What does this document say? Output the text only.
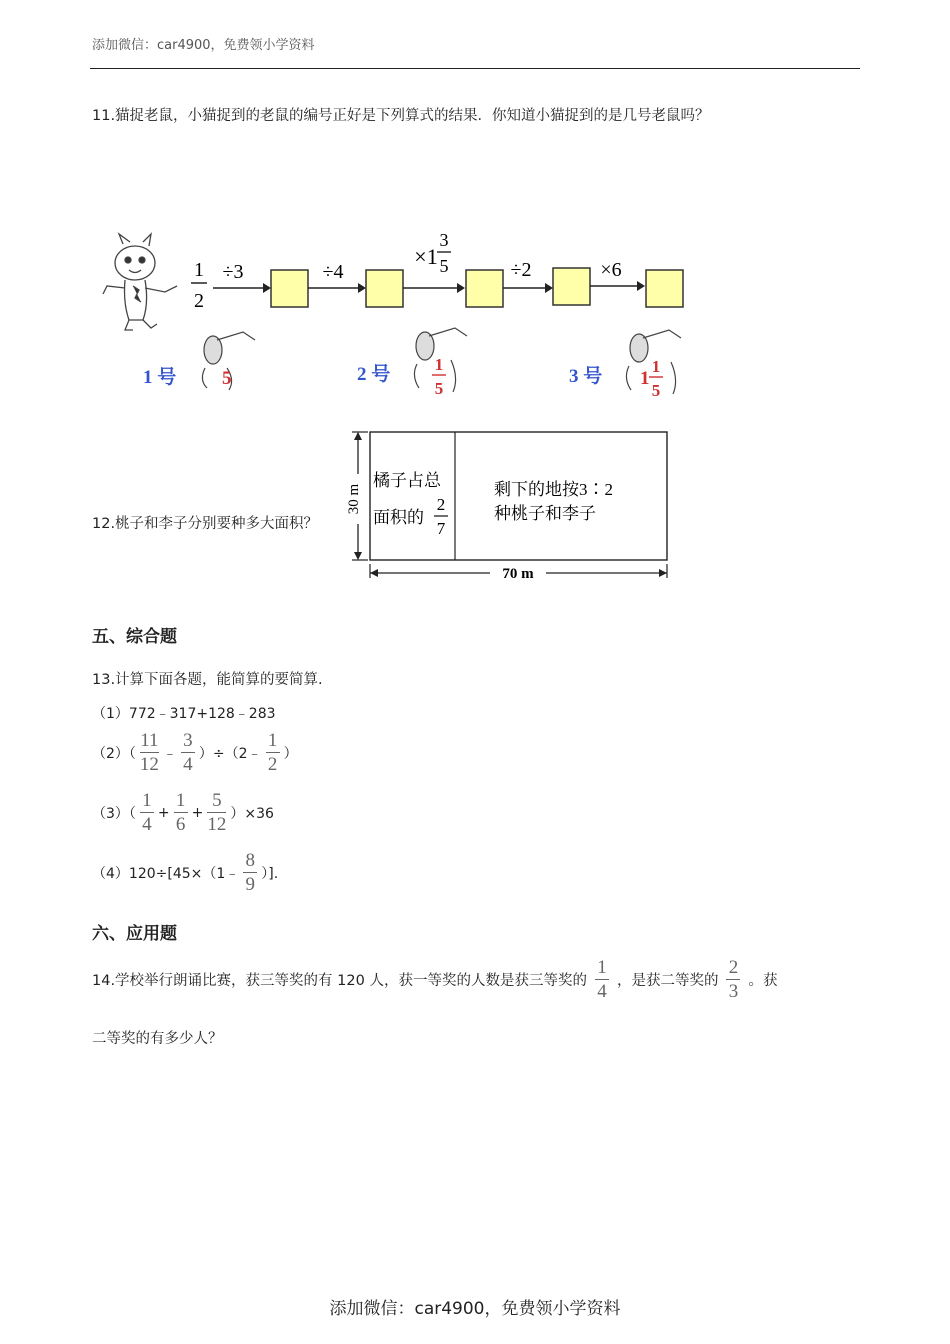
添加微信：car4900，免费领小学资料
11.猫捉老鼠，小猫捉到的老鼠的编号正好是下列算式的结果．你知道小猫捉到的是几号老鼠吗？
1
2
÷3	÷4
×1
3
5	÷2	×6
1 号 5	2 号	1
5
3 号 1
1
5
12.桃子和李子分别要种多大面积？
30 m
橘子占总
面积的
2
7
剩下的地按3∶2
种桃子和李子
70 m
五、综合题
13.计算下面各题，能简算的要简算.
（1）772﹣317+128﹣283
$(2)( \frac{11}{12}$ ﹣ $\frac{3}{4}$ ）÷（2﹣ $\frac{1}{2}$ ）
$(3)( \frac{1}{4} + \frac{1}{6} + \frac{5}{12} )\times 36$
（4）120÷[45×（1﹣ $\frac{8}{9}$ ）].
六、应用题
14.学校举行朗诵比赛，获三等奖的有 120 人，获一等奖的人数是获三等奖的 $\frac{1}{4}$ ，是获二等奖的 $\frac{2}{3}$ 。获
二等奖的有多少人？
添加微信：car4900，免费领小学资料
